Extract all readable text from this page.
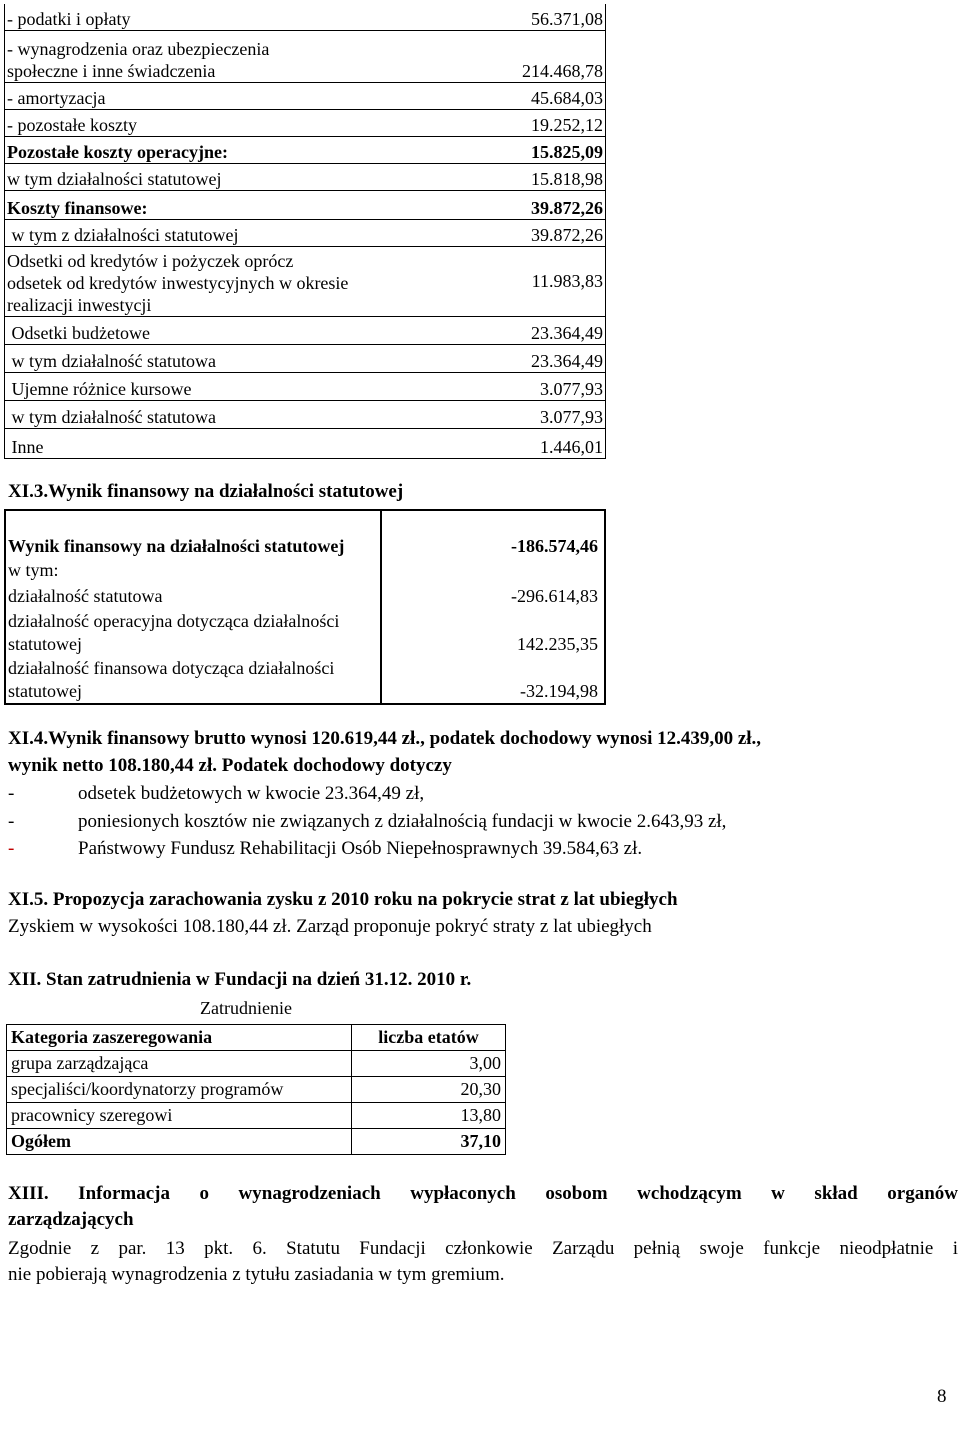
- podatki i opłaty	56.371,08
- wynagrodzenia oraz ubezpieczenia społeczne i inne świadczenia	214.468,78
- amortyzacja	45.684,03
- pozostałe koszty	19.252,12
Pozostałe koszty operacyjne:	15.825,09
w tym działalności statutowej	15.818,98
Koszty finansowe:	39.872,26
w tym z działalności statutowej	39.872,26
Odsetki od kredytów i pożyczek oprócz odsetek od kredytów inwestycyjnych w okresie realizacji inwestycji	11.983,83
Odsetki budżetowe	23.364,49
w tym działalność statutowa	23.364,49
Ujemne różnice kursowe	3.077,93
w tym działalność statutowa	3.077,93
Inne	1.446,01
XI.3.Wynik finansowy na działalności statutowej
Wynik finansowy na działalności statutowej	-186.574,46
w tym:	
działalność statutowa	-296.614,83
działalność operacyjna dotycząca działalności statutowej	142.235,35
działalność finansowa dotycząca działalności statutowej	-32.194,98
XI.4.Wynik finansowy brutto wynosi 120.619,44 zł., podatek dochodowy wynosi 12.439,00 zł.,
wynik netto 108.180,44 zł. Podatek dochodowy dotyczy
-	odsetek budżetowych w kwocie 23.364,49 zł,
-	poniesionych kosztów nie związanych z działalnością fundacji w kwocie 2.643,93 zł,
-	Państwowy Fundusz Rehabilitacji Osób Niepełnosprawnych 39.584,63 zł.
XI.5. Propozycja zarachowania zysku z 2010 roku na pokrycie strat z lat ubiegłych
Zyskiem w wysokości 108.180,44 zł. Zarząd proponuje pokryć straty z lat ubiegłych
XII. Stan zatrudnienia w Fundacji na dzień 31.12. 2010 r.
Zatrudnienie
Kategoria zaszeregowania	liczba etatów
grupa zarządzająca	3,00
specjaliści/koordynatorzy programów	20,30
pracownicy szeregowi	13,80
Ogółem	37,10
XIII. Informacja o wynagrodzeniach wypłaconych osobom wchodzącym w skład organów
zarządzających
Zgodnie z par. 13 pkt. 6. Statutu Fundacji członkowie Zarządu pełnią swoje funkcje nieodpłatnie i
nie pobierają wynagrodzenia z tytułu zasiadania w tym gremium.
8
